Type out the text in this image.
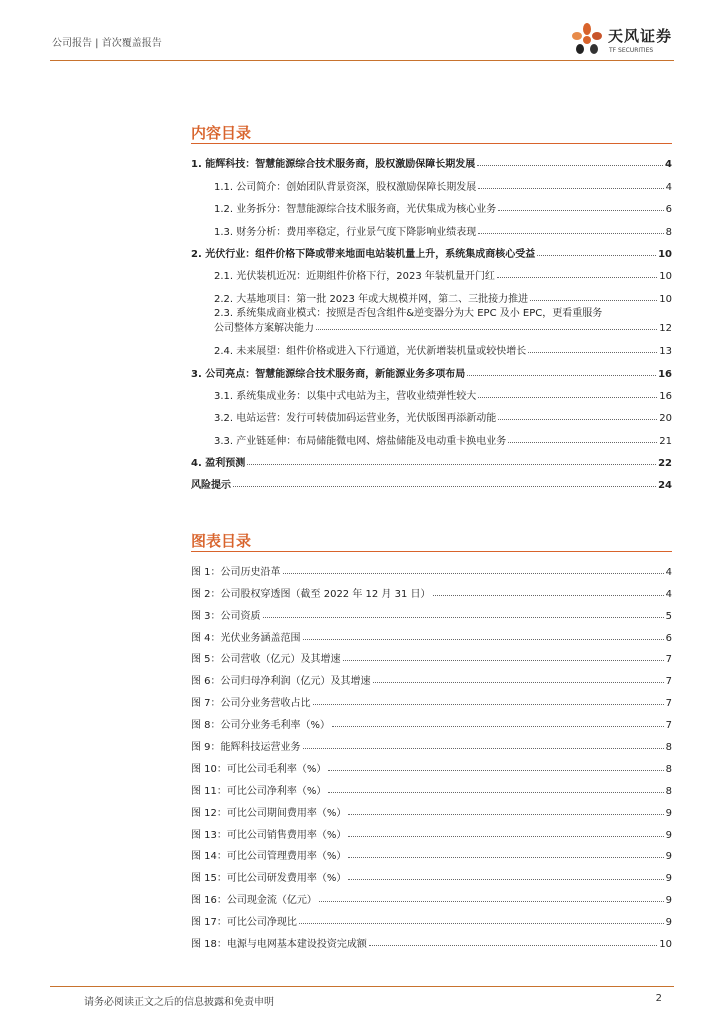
公司报告 | 首次覆盖报告	天风证券
TF SECURITIES
内容目录
1. 能辉科技：智慧能源综合技术服务商，股权激励保障长期发展	4
1.1. 公司简介：创始团队背景资深，股权激励保障长期发展	4
1.2. 业务拆分：智慧能源综合技术服务商，光伏集成为核心业务	6
1.3. 财务分析：费用率稳定，行业景气度下降影响业绩表现	8
2. 光伏行业：组件价格下降或带来地面电站装机量上升，系统集成商核心受益	10
2.1. 光伏装机近况：近期组件价格下行，2023 年装机量开门红	10
2.2. 大基地项目：第一批 2023 年或大规模并网，第二、三批接力推进	10
2.3. 系统集成商业模式：按照是否包含组件&逆变器分为大 EPC 及小 EPC，更看重服务
公司整体方案解决能力	12
2.4. 未来展望：组件价格或进入下行通道，光伏新增装机量或较快增长	13
3. 公司亮点：智慧能源综合技术服务商，新能源业务多项布局	16
3.1. 系统集成业务：以集中式电站为主，营收业绩弹性较大	16
3.2. 电站运营：发行可转债加码运营业务，光伏版图再添新动能	20
3.3. 产业链延伸：布局储能微电网、熔盐储能及电动重卡换电业务	21
4. 盈利预测	22
风险提示	24
图表目录
图 1：公司历史沿革	4
图 2：公司股权穿透图（截至 2022 年 12 月 31 日）	4
图 3：公司资质	5
图 4：光伏业务涵盖范围	6
图 5：公司营收（亿元）及其增速	7
图 6：公司归母净利润（亿元）及其增速	7
图 7：公司分业务营收占比	7
图 8：公司分业务毛利率（%）	7
图 9：能辉科技运营业务	8
图 10：可比公司毛利率（%）	8
图 11：可比公司净利率（%）	8
图 12：可比公司期间费用率（%）	9
图 13：可比公司销售费用率（%）	9
图 14：可比公司管理费用率（%）	9
图 15：可比公司研发费用率（%）	9
图 16：公司现金流（亿元）	9
图 17：可比公司净现比	9
图 18：电源与电网基本建设投资完成额	10
请务必阅读正文之后的信息披露和免责申明	2
